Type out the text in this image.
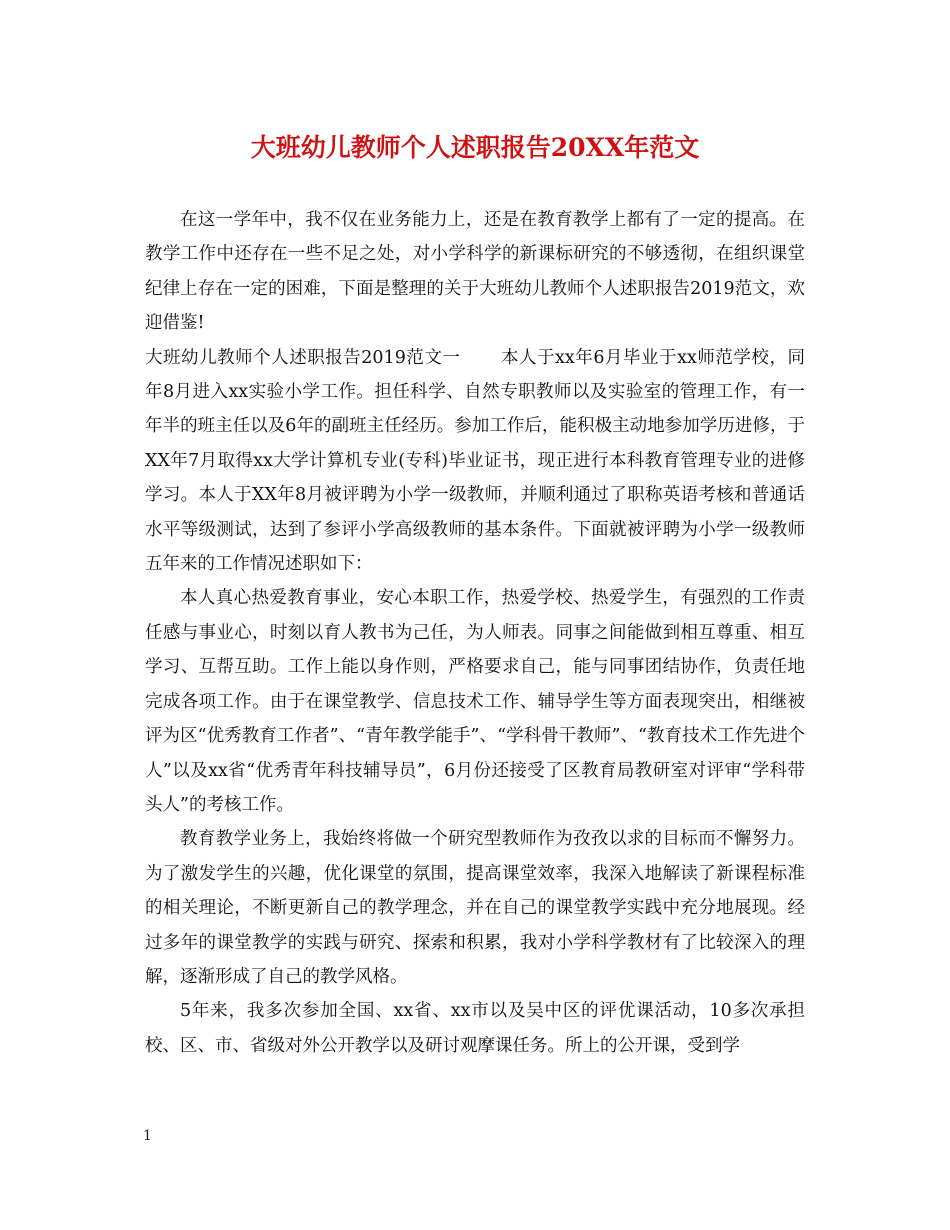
大班幼儿教师个人述职报告20XX年范文

在这一学年中，我不仅在业务能力上，还是在教育教学上都有了一定的提高。在教学工作中还存在一些不足之处，对小学科学的新课标研究的不够透彻，在组织课堂纪律上存在一定的困难，下面是整理的关于大班幼儿教师个人述职报告2019范文，欢迎借鉴!

大班幼儿教师个人述职报告2019范文一 本人于xx年6月毕业于xx师范学校，同年8月进入xx实验小学工作。担任科学、自然专职教师以及实验室的管理工作，有一年半的班主任以及6年的副班主任经历。参加工作后，能积极主动地参加学历进修，于XX年7月取得xx大学计算机专业(专科)毕业证书，现正进行本科教育管理专业的进修学习。本人于XX年8月被评聘为小学一级教师，并顺利通过了职称英语考核和普通话水平等级测试，达到了参评小学高级教师的基本条件。下面就被评聘为小学一级教师五年来的工作情况述职如下：

本人真心热爱教育事业，安心本职工作，热爱学校、热爱学生，有强烈的工作责任感与事业心，时刻以育人教书为己任，为人师表。同事之间能做到相互尊重、相互学习、互帮互助。工作上能以身作则，严格要求自己，能与同事团结协作，负责任地完成各项工作。由于在课堂教学、信息技术工作、辅导学生等方面表现突出，相继被评为区“优秀教育工作者”、“青年教学能手”、“学科骨干教师”、“教育技术工作先进个人”以及xx省“优秀青年科技辅导员”，6月份还接受了区教育局教研室对评审“学科带头人”的考核工作。

教育教学业务上，我始终将做一个研究型教师作为孜孜以求的目标而不懈努力。为了激发学生的兴趣，优化课堂的氛围，提高课堂效率，我深入地解读了新课程标准的相关理论，不断更新自己的教学理念，并在自己的课堂教学实践中充分地展现。经过多年的课堂教学的实践与研究、探索和积累，我对小学科学教材有了比较深入的理解，逐渐形成了自己的教学风格。

5年来，我多次参加全国、xx省、xx市以及吴中区的评优课活动，10多次承担校、区、市、省级对外公开教学以及研讨观摩课任务。所上的公开课，受到学

1
